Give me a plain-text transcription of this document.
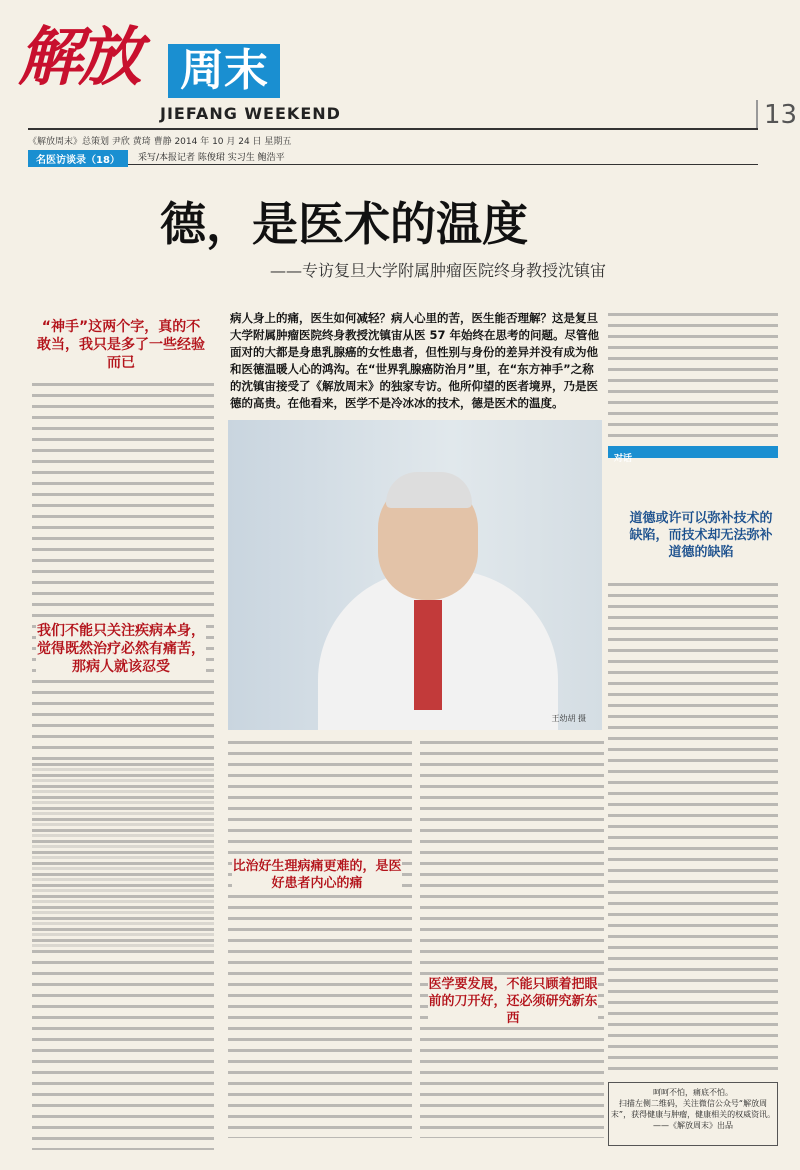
解放 周末
JIEFANG WEEKEND	13
《解放周末》总策划 尹欣 黄琦 曹静 2014 年 10 月 24 日 星期五
名医访谈录（18）	采写/本报记者 陈俊珺 实习生 鲍浩平
德，是医术的温度
——专访复旦大学附属肿瘤医院终身教授沈镇宙
病人身上的痛，医生如何减轻？病人心里的苦，医生能否理解？这是复旦大学附属肿瘤医院终身教授沈镇宙从医 57 年始终在思考的问题。尽管他面对的大都是身患乳腺癌的女性患者，但性别与身份的差异并没有成为他和医德温暖人心的鸿沟。在“世界乳腺癌防治月”里，在“东方神手”之称的沈镇宙接受了《解放周末》的独家专访。他所仰望的医者境界，乃是医德的高贵。在他看来，医学不是冷冰冰的技术，德是医术的温度。
“神手”这两个字，真的不敢当，我只是多了一些经验而已
我们不能只关注疾病本身，觉得既然治疗必然有痛苦，那病人就该忍受
王幼胡 摄
比治好生理病痛更难的，是医好患者内心的痛
医学要发展，不能只顾着把眼前的刀开好，还必须研究新东西
对话
道德或许可以弥补技术的缺陷，而技术却无法弥补道德的缺陷
呵呵不怕，痛底不怕。
扫描左侧二维码，关注微信公众号“解放周末”，获得健康与肿瘤，健康相关的权威资讯。
——《解放周末》出品
